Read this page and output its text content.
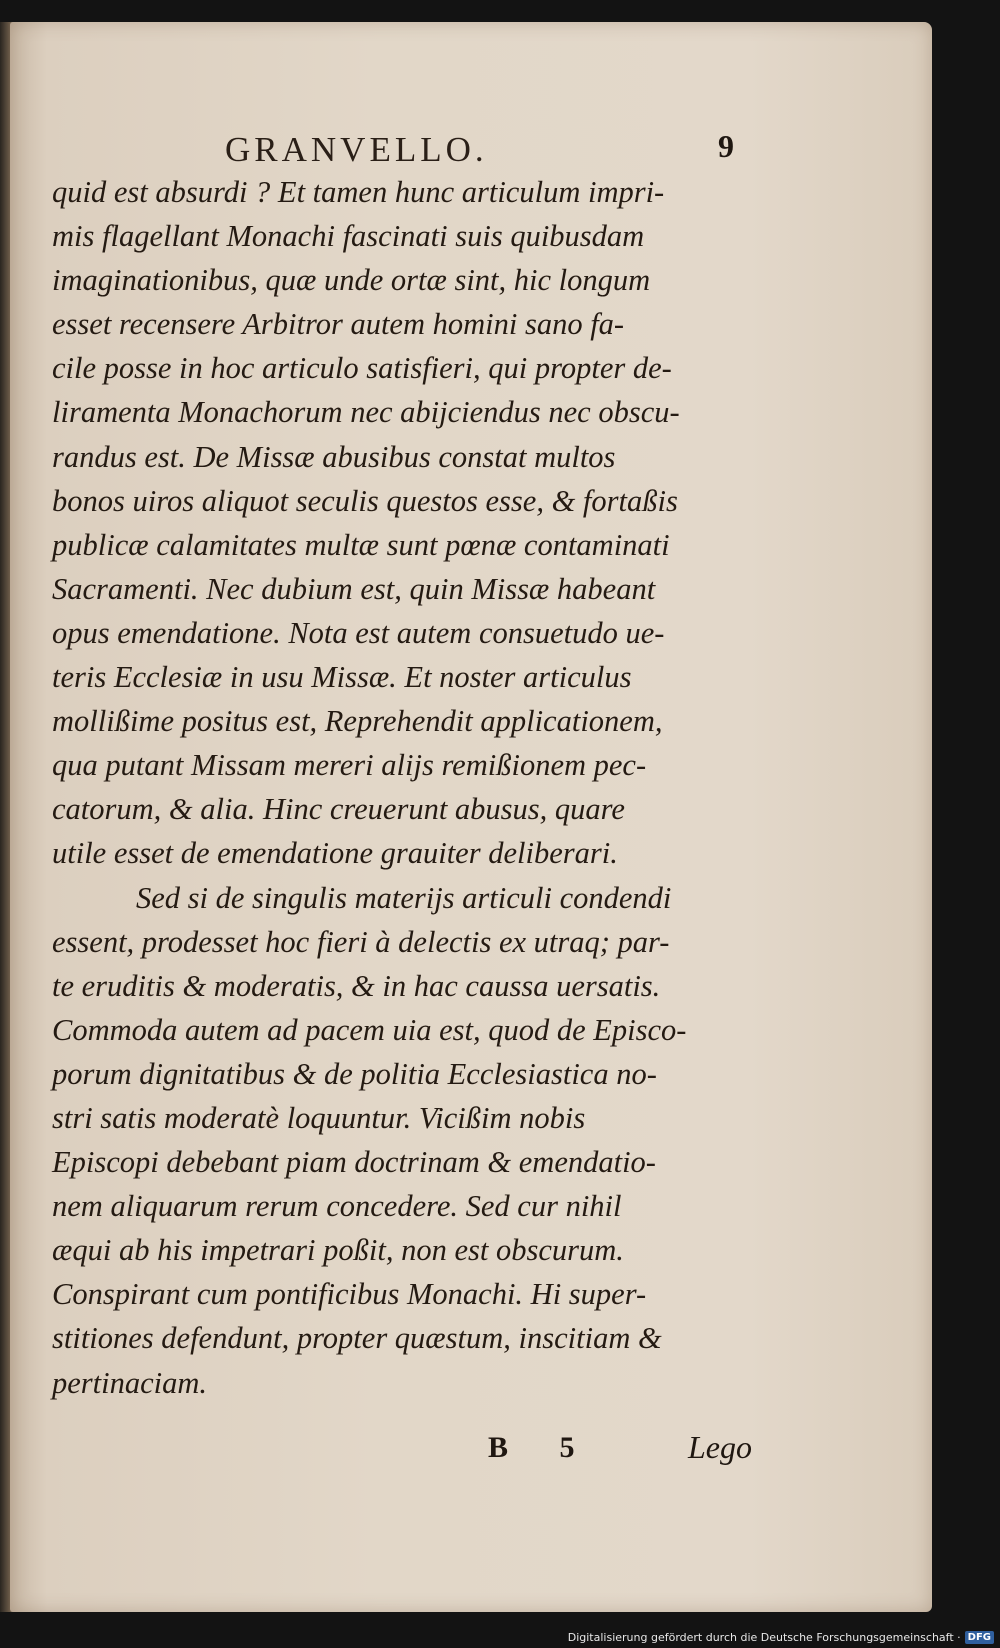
GRANVELLO.	9
quid est absurdi ? Et tamen hunc articulum impri-
mis flagellant Monachi fascinati suis quibusdam
imaginationibus, quæ unde ortæ sint, hic longum
esset recensere Arbitror autem homini sano fa-
cile posse in hoc articulo satisfieri, qui propter de-
liramenta Monachorum nec abijciendus nec obscu-
randus est. De Missæ abusibus constat multos
bonos uiros aliquot seculis questos esse, & fortaßis
publicæ calamitates multæ sunt pœnæ contaminati
Sacramenti. Nec dubium est, quin Missæ habeant
opus emendatione. Nota est autem consuetudo ue-
teris Ecclesiæ in usu Missæ. Et noster articulus
mollißime positus est, Reprehendit applicationem,
qua putant Missam mereri alijs remißionem pec-
catorum, & alia. Hinc creuerunt abusus, quare
utile esset de emendatione grauiter deliberari.
Sed si de singulis materijs articuli condendi
essent, prodesset hoc fieri à delectis ex utraq; par-
te eruditis & moderatis, & in hac caussa uersatis.
Commoda autem ad pacem uia est, quod de Episco-
porum dignitatibus & de politia Ecclesiastica no-
stri satis moderatè loquuntur. Vicißim nobis
Episcopi debebant piam doctrinam & emendatio-
nem aliquarum rerum concedere. Sed cur nihil
æqui ab his impetrari poßit, non est obscurum.
Conspirant cum pontificibus Monachi. Hi super-
stitiones defendunt, propter quæstum, inscitiam &
pertinaciam.
B 5	Lego
Digitalisierung gefördert durch die Deutsche Forschungsgemeinschaft · DFG
